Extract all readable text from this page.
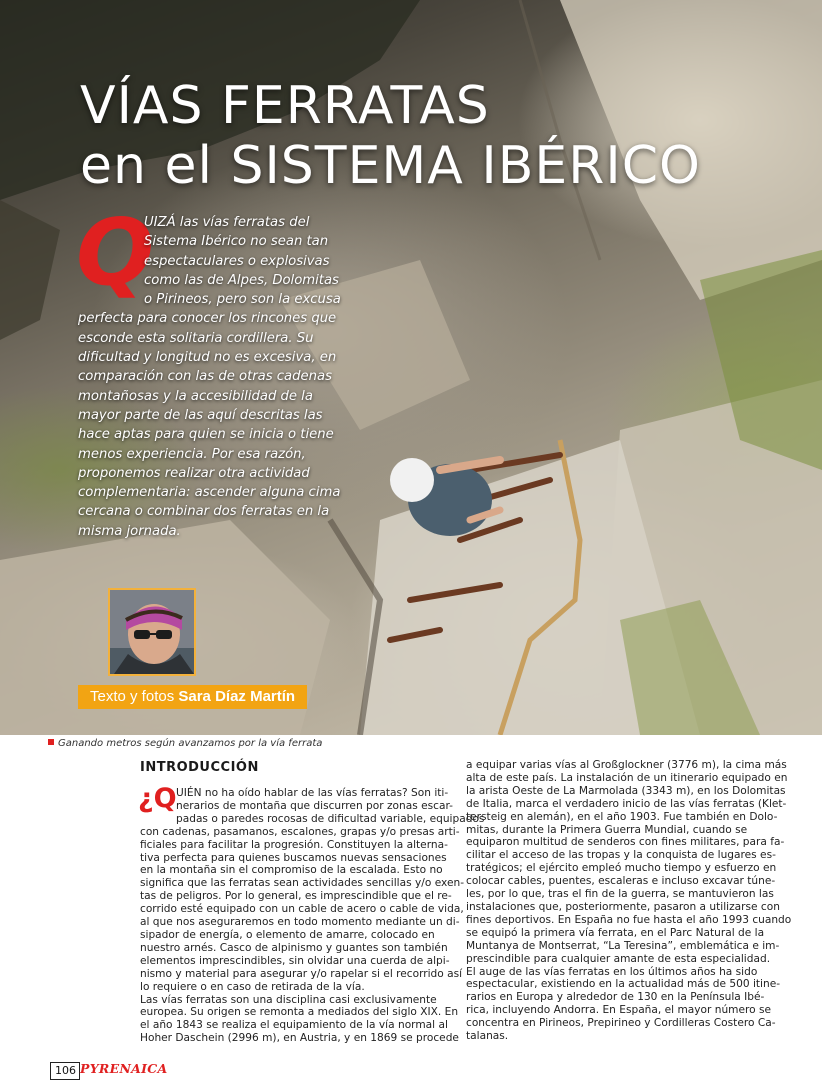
VÍAS FERRATAS
en el SISTEMA IBÉRICO
Q
UIZÁ las vías ferratas del
Sistema Ibérico no sean tan
espectaculares o explosivas
como las de Alpes, Dolomitas
o Pirineos, pero son la excusa
perfecta para conocer los rincones que
esconde esta solitaria cordillera. Su
dificultad y longitud no es excesiva, en
comparación con las de otras cadenas
montañosas y la accesibilidad de la
mayor parte de las aquí descritas las
hace aptas para quien se inicia o tiene
menos experiencia. Por esa razón,
proponemos realizar otra actividad
complementaria: ascender alguna cima
cercana o combinar dos ferratas en la
misma jornada.
Texto y fotos Sara Díaz Martín
Ganando metros según avanzamos por la vía ferrata
INTRODUCCIÓN
¿Q UIÉN no ha oído hablar de las vías ferratas? Son iti-
nerarios de montaña que discurren por zonas escar-
padas o paredes rocosas de dificultad variable, equipados
con cadenas, pasamanos, escalones, grapas y/o presas arti-
ficiales para facilitar la progresión. Constituyen la alterna-
tiva perfecta para quienes buscamos nuevas sensaciones
en la montaña sin el compromiso de la escalada. Esto no
significa que las ferratas sean actividades sencillas y/o exen-
tas de peligros. Por lo general, es imprescindible que el re-
corrido esté equipado con un cable de acero o cable de vida,
al que nos aseguraremos en todo momento mediante un di-
sipador de energía, o elemento de amarre, colocado en
nuestro arnés. Casco de alpinismo y guantes son también
elementos imprescindibles, sin olvidar una cuerda de alpi-
nismo y material para asegurar y/o rapelar si el recorrido así
lo requiere o en caso de retirada de la vía.
Las vías ferratas son una disciplina casi exclusivamente
europea. Su origen se remonta a mediados del siglo XIX. En
el año 1843 se realiza el equipamiento de la vía normal al
Hoher Daschein (2996 m), en Austria, y en 1869 se procede
a equipar varias vías al Großglockner (3776 m), la cima más
alta de este país. La instalación de un itinerario equipado en
la arista Oeste de La Marmolada (3343 m), en los Dolomitas
de Italia, marca el verdadero inicio de las vías ferratas (Klet-
tersteig en alemán), en el año 1903. Fue también en Dolo-
mitas, durante la Primera Guerra Mundial, cuando se
equiparon multitud de senderos con fines militares, para fa-
cilitar el acceso de las tropas y la conquista de lugares es-
tratégicos; el ejército empleó mucho tiempo y esfuerzo en
colocar cables, puentes, escaleras e incluso excavar túne-
les, por lo que, tras el fin de la guerra, se mantuvieron las
instalaciones que, posteriormente, pasaron a utilizarse con
fines deportivos. En España no fue hasta el año 1993 cuando
se equipó la primera vía ferrata, en el Parc Natural de la
Muntanya de Montserrat, “La Teresina”, emblemática e im-
prescindible para cualquier amante de esta especialidad.
El auge de las vías ferratas en los últimos años ha sido
espectacular, existiendo en la actualidad más de 500 itine-
rarios en Europa y alrededor de 130 en la Península Ibé-
rica, incluyendo Andorra. En España, el mayor número se
concentra en Pirineos, Prepirineo y Cordilleras Costero Ca-
talanas.
106 PYRENAICA
